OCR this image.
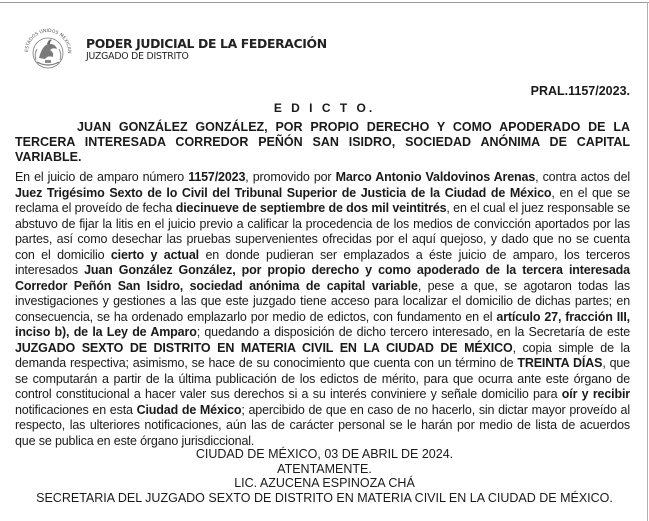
ESTADOS UNIDOS MEXICAN
PODER JUDICIAL DE LA FEDERACIÓN
JUZGADO DE DISTRITO
PRAL.1157/2023.
E D I C T O.
JUAN GONZÁLEZ GONZÁLEZ, POR PROPIO DERECHO Y COMO APODERADO DE LA TERCERA INTERESADA CORREDOR PEÑÓN SAN ISIDRO, SOCIEDAD ANÓNIMA DE CAPITAL VARIABLE.
En el juicio de amparo número 1157/2023, promovido por Marco Antonio Valdovinos Arenas, contra actos del Juez Trigésimo Sexto de lo Civil del Tribunal Superior de Justicia de la Ciudad de México, en el que se reclama el proveído de fecha diecinueve de septiembre de dos mil veintitrés, en el cual el juez responsable se abstuvo de fijar la litis en el juicio previo a calificar la procedencia de los medios de convicción aportados por las partes, así como desechar las pruebas supervenientes ofrecidas por el aquí quejoso, y dado que no se cuenta con el domicilio cierto y actual en donde pudieran ser emplazados a éste juicio de amparo, los terceros interesados Juan González González, por propio derecho y como apoderado de la tercera interesada Corredor Peñón San Isidro, sociedad anónima de capital variable, pese a que, se agotaron todas las investigaciones y gestiones a las que este juzgado tiene acceso para localizar el domicilio de dichas partes; en consecuencia, se ha ordenado emplazarlo por medio de edictos, con fundamento en el artículo 27, fracción III, inciso b), de la Ley de Amparo; quedando a disposición de dicho tercero interesado, en la Secretaría de este JUZGADO SEXTO DE DISTRITO EN MATERIA CIVIL EN LA CIUDAD DE MÉXICO, copia simple de la demanda respectiva; asimismo, se hace de su conocimiento que cuenta con un término de TREINTA DÍAS, que se computarán a partir de la última publicación de los edictos de mérito, para que ocurra ante este órgano de control constitucional a hacer valer sus derechos si a su interés conviniere y señale domicilio para oír y recibir notificaciones en esta Ciudad de México; apercibido de que en caso de no hacerlo, sin dictar mayor proveído al respecto, las ulteriores notificaciones, aún las de carácter personal se le harán por medio de lista de acuerdos que se publica en este órgano jurisdiccional.
CIUDAD DE MÉXICO, 03 DE ABRIL DE 2024.
ATENTAMENTE.
LIC. AZUCENA ESPINOZA CHÁ
SECRETARIA DEL JUZGADO SEXTO DE DISTRITO EN MATERIA CIVIL EN LA CIUDAD DE MÉXICO.
